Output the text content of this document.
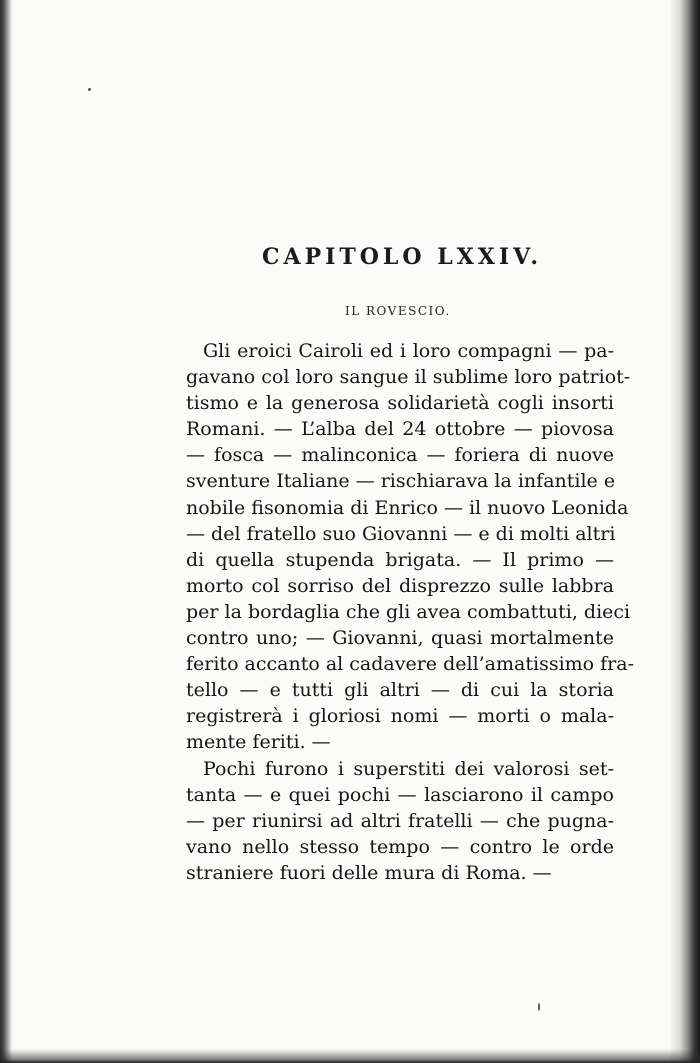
CAPITOLO LXXIV.

IL ROVESCIO.

Gli eroici Cairoli ed i loro compagni — pa-
gavano col loro sangue il sublime loro patriot-
tismo e la generosa solidarietà cogli insorti
Romani. — L’alba del 24 ottobre — piovosa
— fosca — malinconica — foriera di nuove
sventure Italiane — rischiarava la infantile e
nobile fisonomia di Enrico — il nuovo Leonida
— del fratello suo Giovanni — e di molti altri
di quella stupenda brigata. — Il primo —
morto col sorriso del disprezzo sulle labbra
per la bordaglia che gli avea combattuti, dieci
contro uno; — Giovanni, quasi mortalmente
ferito accanto al cadavere dell’amatissimo fra-
tello — e tutti gli altri — di cui la storia
registrerà i gloriosi nomi — morti o mala-
mente feriti. —
Pochi furono i superstiti dei valorosi set-
tanta — e quei pochi — lasciarono il campo
— per riunirsi ad altri fratelli — che pugna-
vano nello stesso tempo — contro le orde
straniere fuori delle mura di Roma. —
